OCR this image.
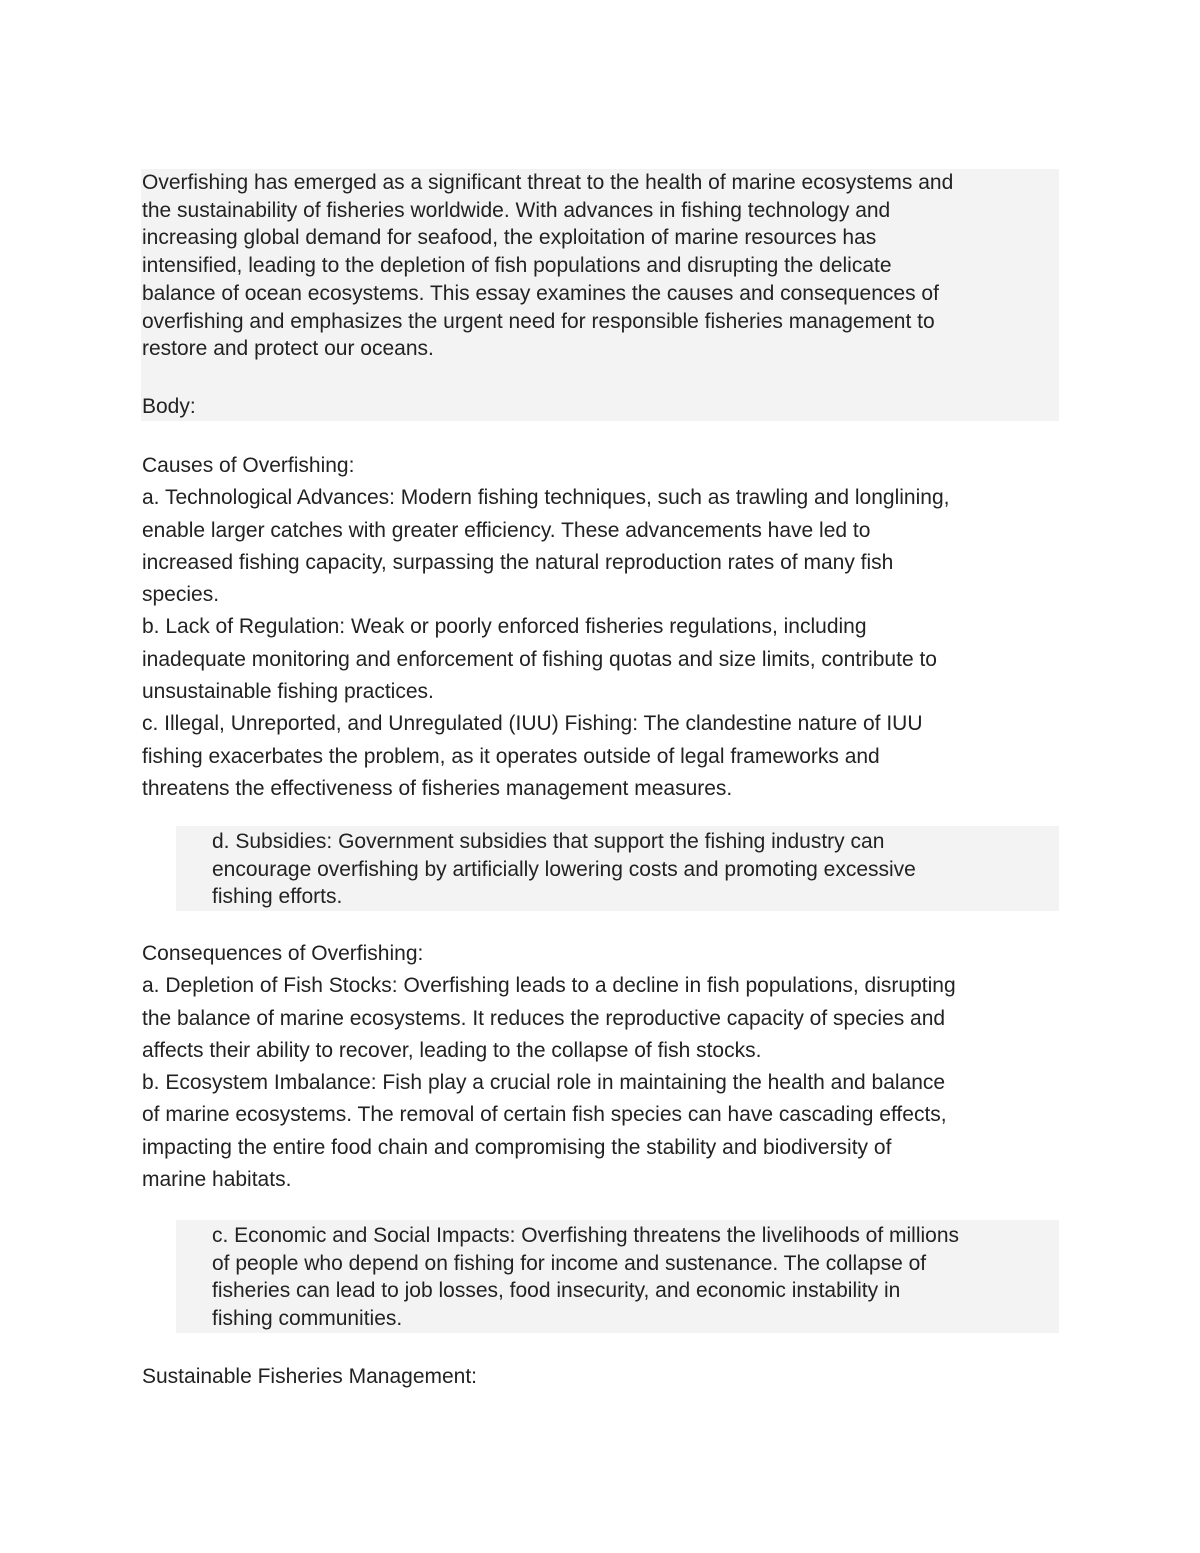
Overfishing has emerged as a significant threat to the health of marine ecosystems and
the sustainability of fisheries worldwide. With advances in fishing technology and
increasing global demand for seafood, the exploitation of marine resources has
intensified, leading to the depletion of fish populations and disrupting the delicate
balance of ocean ecosystems. This essay examines the causes and consequences of
overfishing and emphasizes the urgent need for responsible fisheries management to
restore and protect our oceans.

Body:

Causes of Overfishing:

a. Technological Advances: Modern fishing techniques, such as trawling and longlining,
enable larger catches with greater efficiency. These advancements have led to
increased fishing capacity, surpassing the natural reproduction rates of many fish
species.
b. Lack of Regulation: Weak or poorly enforced fisheries regulations, including
inadequate monitoring and enforcement of fishing quotas and size limits, contribute to
unsustainable fishing practices.
c. Illegal, Unreported, and Unregulated (IUU) Fishing: The clandestine nature of IUU
fishing exacerbates the problem, as it operates outside of legal frameworks and
threatens the effectiveness of fisheries management measures.

d. Subsidies: Government subsidies that support the fishing industry can
encourage overfishing by artificially lowering costs and promoting excessive
fishing efforts.

Consequences of Overfishing:

a. Depletion of Fish Stocks: Overfishing leads to a decline in fish populations, disrupting
the balance of marine ecosystems. It reduces the reproductive capacity of species and
affects their ability to recover, leading to the collapse of fish stocks.
b. Ecosystem Imbalance: Fish play a crucial role in maintaining the health and balance
of marine ecosystems. The removal of certain fish species can have cascading effects,
impacting the entire food chain and compromising the stability and biodiversity of
marine habitats.

c. Economic and Social Impacts: Overfishing threatens the livelihoods of millions
of people who depend on fishing for income and sustenance. The collapse of
fisheries can lead to job losses, food insecurity, and economic instability in
fishing communities.

Sustainable Fisheries Management:
